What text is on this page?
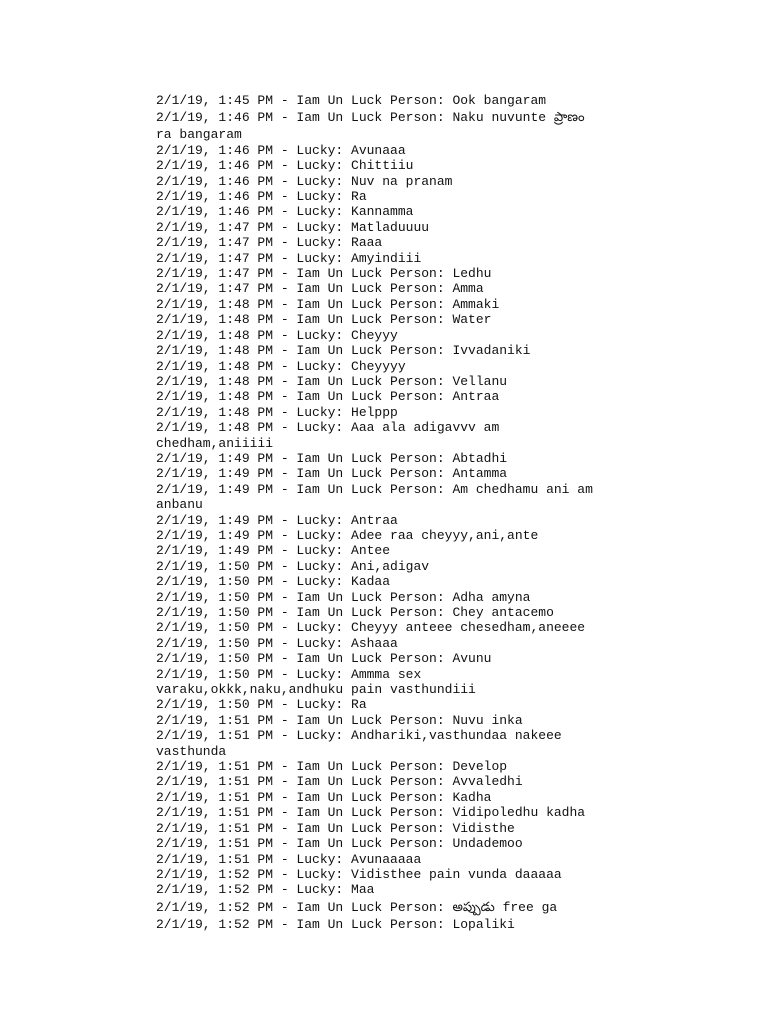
2/1/19, 1:45 PM - Iam Un Luck Person: Ook bangaram

2/1/19, 1:46 PM - Iam Un Luck Person: Naku nuvunte ప్రాణం

ra bangaram

2/1/19, 1:46 PM - Lucky: Avunaaa

2/1/19, 1:46 PM - Lucky: Chittiiu

2/1/19, 1:46 PM - Lucky: Nuv na pranam

2/1/19, 1:46 PM - Lucky: Ra

2/1/19, 1:46 PM - Lucky: Kannamma

2/1/19, 1:47 PM - Lucky: Matladuuuu

2/1/19, 1:47 PM - Lucky: Raaa

2/1/19, 1:47 PM - Lucky: Amyindiii

2/1/19, 1:47 PM - Iam Un Luck Person: Ledhu

2/1/19, 1:47 PM - Iam Un Luck Person: Amma

2/1/19, 1:48 PM - Iam Un Luck Person: Ammaki

2/1/19, 1:48 PM - Iam Un Luck Person: Water

2/1/19, 1:48 PM - Lucky: Cheyyy

2/1/19, 1:48 PM - Iam Un Luck Person: Ivvadaniki

2/1/19, 1:48 PM - Lucky: Cheyyyy

2/1/19, 1:48 PM - Iam Un Luck Person: Vellanu

2/1/19, 1:48 PM - Iam Un Luck Person: Antraa

2/1/19, 1:48 PM - Lucky: Helppp

2/1/19, 1:48 PM - Lucky: Aaa ala adigavvv am

chedham,aniiiii

2/1/19, 1:49 PM - Iam Un Luck Person: Abtadhi

2/1/19, 1:49 PM - Iam Un Luck Person: Antamma

2/1/19, 1:49 PM - Iam Un Luck Person: Am chedhamu ani am

anbanu

2/1/19, 1:49 PM - Lucky: Antraa

2/1/19, 1:49 PM - Lucky: Adee raa cheyyy,ani,ante

2/1/19, 1:49 PM - Lucky: Antee

2/1/19, 1:50 PM - Lucky: Ani,adigav

2/1/19, 1:50 PM - Lucky: Kadaa

2/1/19, 1:50 PM - Iam Un Luck Person: Adha amyna

2/1/19, 1:50 PM - Iam Un Luck Person: Chey antacemo

2/1/19, 1:50 PM - Lucky: Cheyyy anteee chesedham,aneeee

2/1/19, 1:50 PM - Lucky: Ashaaa

2/1/19, 1:50 PM - Iam Un Luck Person: Avunu

2/1/19, 1:50 PM - Lucky: Ammma sex

varaku,okkk,naku,andhuku pain vasthundiii

2/1/19, 1:50 PM - Lucky: Ra

2/1/19, 1:51 PM - Iam Un Luck Person: Nuvu inka

2/1/19, 1:51 PM - Lucky: Andhariki,vasthundaa nakeee

vasthunda

2/1/19, 1:51 PM - Iam Un Luck Person: Develop

2/1/19, 1:51 PM - Iam Un Luck Person: Avvaledhi

2/1/19, 1:51 PM - Iam Un Luck Person: Kadha

2/1/19, 1:51 PM - Iam Un Luck Person: Vidipoledhu kadha

2/1/19, 1:51 PM - Iam Un Luck Person: Vidisthe

2/1/19, 1:51 PM - Iam Un Luck Person: Undademoo

2/1/19, 1:51 PM - Lucky: Avunaaaaa

2/1/19, 1:52 PM - Lucky: Vidisthee pain vunda daaaaa

2/1/19, 1:52 PM - Lucky: Maa

2/1/19, 1:52 PM - Iam Un Luck Person: అప్పుడు free ga

2/1/19, 1:52 PM - Iam Un Luck Person: Lopaliki
